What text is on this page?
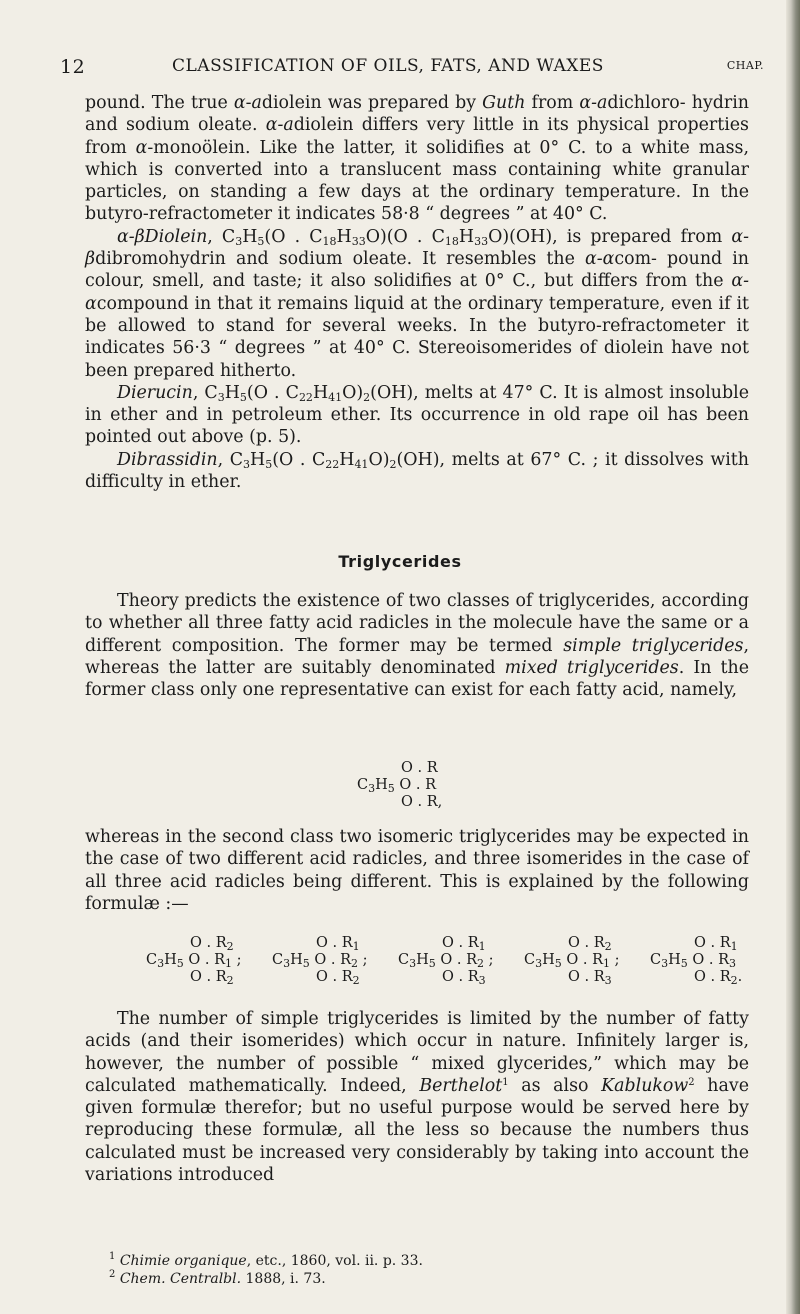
12	CLASSIFICATION OF OILS, FATS, AND WAXES	CHAP.

pound. The true α-adiolein was prepared by Guth from α-adichloro- hydrin and sodium oleate. α-adiolein differs very little in its physical properties from α-monoölein. Like the latter, it solidifies at 0° C. to a white mass, which is converted into a translucent mass containing white granular particles, on standing a few days at the ordinary temperature. In the butyro-refractometer it indicates 58·8 “ degrees ” at 40° C.

α-βDiolein, $C_3H_5(O$ . $C_{18}H_{33}O)(O$ . $C_{18}H_{33}O)(OH)$, is prepared from α-βdibromohydrin and sodium oleate. It resembles the α-αcom- pound in colour, smell, and taste; it also solidifies at 0° C., but differs from the α-αcompound in that it remains liquid at the ordinary temperature, even if it be allowed to stand for several weeks. In the butyro-refractometer it indicates 56·3 “ degrees ” at 40° C. Stereoisomerides of diolein have not been prepared hitherto.

Dierucin, $C_3H_5(O$ . $C_{22}H_{41}O)_2(OH)$, melts at 47° C. It is almost insoluble in ether and in petroleum ether. Its occurrence in old rape oil has been pointed out above (p. 5).

Dibrassidin, $C_3H_5(O$ . $C_{22}H_{41}O)_2(OH)$, melts at 67° C. ; it dissolves with difficulty in ether.

Triglycerides

Theory predicts the existence of two classes of triglycerides, according to whether all three fatty acid radicles in the molecule have the same or a different composition. The former may be termed simple triglycerides, whereas the latter are suitably denominated mixed triglycerides. In the former class only one representative can exist for each fatty acid, namely,

O . R
$C_3H_5$ O . R
O . R,

whereas in the second class two isomeric triglycerides may be expected in the case of two different acid radicles, and three isomerides in the case of all three acid radicles being different. This is explained by the following formulæ :—

O . $R_2$
$C_3H_5$ O . $R_1$ ;
O . $R_2$
O . $R_1$
$C_3H_5$ O . $R_2$ ;
O . $R_2$
O . $R_1$
$C_3H_5$ O . $R_2$ ;
O . $R_3$
O . $R_2$
$C_3H_5$ O . $R_1$ ;
O . $R_3$
O . $R_1$
$C_3H_5$ O . $R_3$
O . $R_2$.

The number of simple triglycerides is limited by the number of fatty acids (and their isomerides) which occur in nature. Infinitely larger is, however, the number of possible “ mixed glycerides,” which may be calculated mathematically. Indeed, Berthelot$^1$ as also Kablukow$^2$ have given formulæ therefor; but no useful purpose would be served here by reproducing these formulæ, all the less so because the numbers thus calculated must be increased very considerably by taking into account the variations introduced

$^1$ Chimie organique, etc., 1860, vol. ii. p. 33.
$^2$ Chem. Centralbl. 1888, i. 73.
